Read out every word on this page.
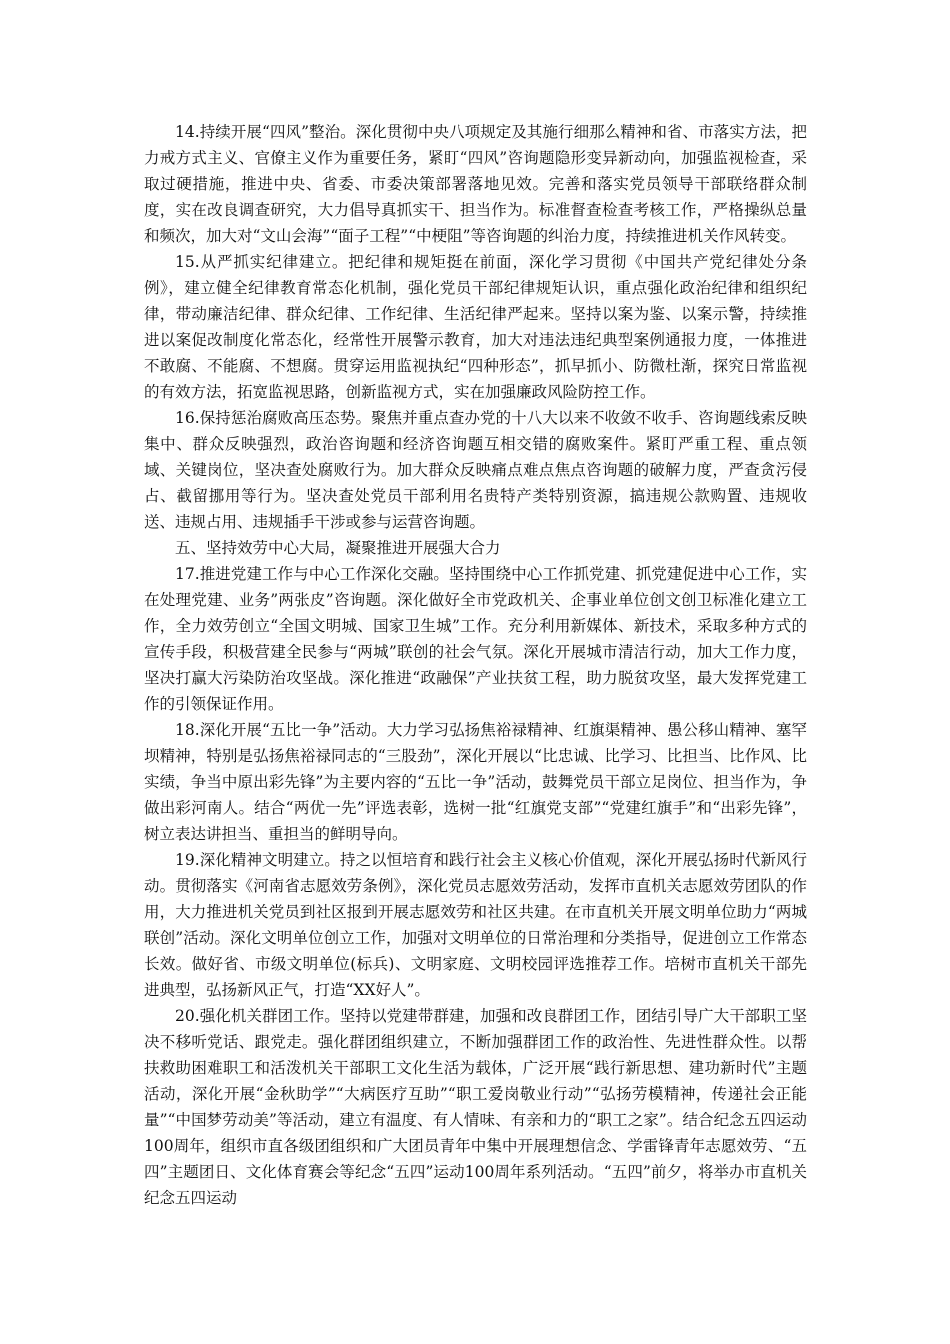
14.持续开展“四风”整治。深化贯彻中央八项规定及其施行细那么精神和省、市落实方法，把力戒方式主义、官僚主义作为重要任务，紧盯“四风”咨询题隐形变异新动向，加强监视检查，采取过硬措施，推进中央、省委、市委决策部署落地见效。完善和落实党员领导干部联络群众制度，实在改良调查研究，大力倡导真抓实干、担当作为。标准督查检查考核工作，严格操纵总量和频次，加大对“文山会海”“面子工程”“中梗阻”等咨询题的纠治力度，持续推进机关作风转变。

15.从严抓实纪律建立。把纪律和规矩挺在前面，深化学习贯彻《中国共产党纪律处分条例》，建立健全纪律教育常态化机制，强化党员干部纪律规矩认识，重点强化政治纪律和组织纪律，带动廉洁纪律、群众纪律、工作纪律、生活纪律严起来。坚持以案为鉴、以案示警，持续推进以案促改制度化常态化，经常性开展警示教育，加大对违法违纪典型案例通报力度，一体推进不敢腐、不能腐、不想腐。贯穿运用监视执纪“四种形态”，抓早抓小、防微杜渐，探究日常监视的有效方法，拓宽监视思路，创新监视方式，实在加强廉政风险防控工作。

16.保持惩治腐败高压态势。聚焦并重点查办党的十八大以来不收敛不收手、咨询题线索反映集中、群众反映强烈，政治咨询题和经济咨询题互相交错的腐败案件。紧盯严重工程、重点领域、关键岗位，坚决查处腐败行为。加大群众反映痛点难点焦点咨询题的破解力度，严查贪污侵占、截留挪用等行为。坚决查处党员干部利用名贵特产类特别资源，搞违规公款购置、违规收送、违规占用、违规插手干涉或参与运营咨询题。

五、坚持效劳中心大局，凝聚推进开展强大合力

17.推进党建工作与中心工作深化交融。坚持围绕中心工作抓党建、抓党建促进中心工作，实在处理党建、业务”两张皮”咨询题。深化做好全市党政机关、企事业单位创文创卫标准化建立工作，全力效劳创立“全国文明城、国家卫生城”工作。充分利用新媒体、新技术，采取多种方式的宣传手段，积极营建全民参与“两城”联创的社会气氛。深化开展城市清洁行动，加大工作力度，坚决打赢大污染防治攻坚战。深化推进“政融保”产业扶贫工程，助力脱贫攻坚，最大发挥党建工作的引领保证作用。

18.深化开展“五比一争”活动。大力学习弘扬焦裕禄精神、红旗渠精神、愚公移山精神、塞罕坝精神，特别是弘扬焦裕禄同志的“三股劲”，深化开展以“比忠诚、比学习、比担当、比作风、比实绩，争当中原出彩先锋”为主要内容的“五比一争”活动，鼓舞党员干部立足岗位、担当作为，争做出彩河南人。结合“两优一先”评选表彰，选树一批“红旗党支部”“党建红旗手”和“出彩先锋”，树立表达讲担当、重担当的鲜明导向。

19.深化精神文明建立。持之以恒培育和践行社会主义核心价值观，深化开展弘扬时代新风行动。贯彻落实《河南省志愿效劳条例》，深化党员志愿效劳活动，发挥市直机关志愿效劳团队的作用，大力推进机关党员到社区报到开展志愿效劳和社区共建。在市直机关开展文明单位助力“两城联创”活动。深化文明单位创立工作，加强对文明单位的日常治理和分类指导，促进创立工作常态长效。做好省、市级文明单位(标兵)、文明家庭、文明校园评选推荐工作。培树市直机关干部先进典型，弘扬新风正气，打造“XX好人”。

20.强化机关群团工作。坚持以党建带群建，加强和改良群团工作，团结引导广大干部职工坚决不移听党话、跟党走。强化群团组织建立，不断加强群团工作的政治性、先进性群众性。以帮扶救助困难职工和活泼机关干部职工文化生活为载体，广泛开展“践行新思想、建功新时代”主题活动，深化开展“金秋助学”“大病医疗互助”“职工爱岗敬业行动”“弘扬劳模精神，传递社会正能量”“中国梦劳动美”等活动，建立有温度、有人情味、有亲和力的“职工之家”。结合纪念五四运动100周年，组织市直各级团组织和广大团员青年中集中开展理想信念、学雷锋青年志愿效劳、“五四”主题团日、文化体育赛会等纪念“五四”运动100周年系列活动。“五四”前夕，将举办市直机关纪念五四运动
